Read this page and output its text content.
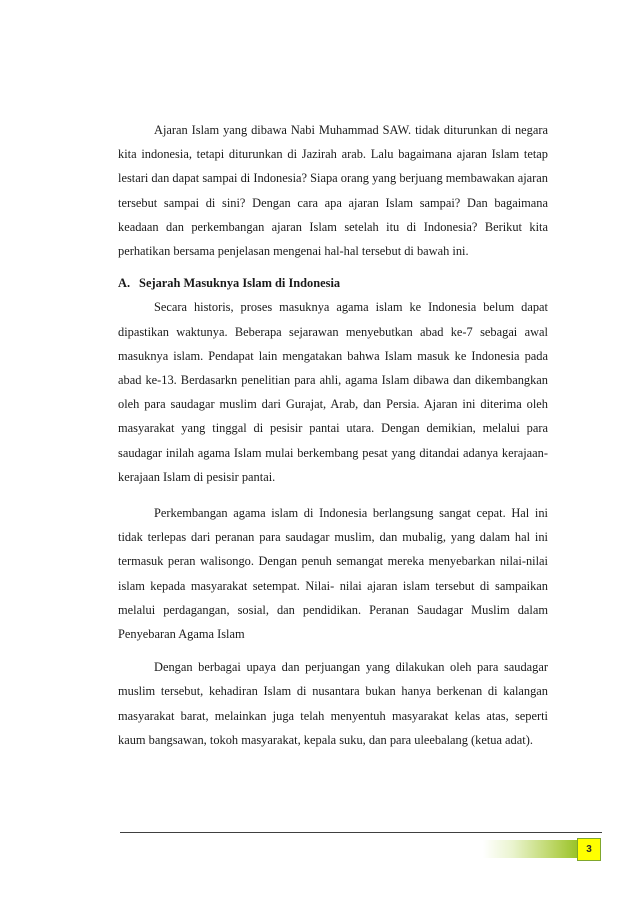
Ajaran Islam yang dibawa Nabi Muhammad SAW. tidak diturunkan di negara kita indonesia, tetapi diturunkan di Jazirah arab. Lalu bagaimana ajaran Islam tetap lestari dan dapat sampai di Indonesia? Siapa orang yang berjuang membawakan ajaran tersebut sampai di sini? Dengan cara apa ajaran Islam sampai? Dan bagaimana keadaan dan perkembangan ajaran Islam setelah itu di Indonesia? Berikut kita perhatikan bersama penjelasan mengenai hal-hal tersebut di bawah ini.

A. Sejarah Masuknya Islam di Indonesia

Secara historis, proses masuknya agama islam ke Indonesia belum dapat dipastikan waktunya. Beberapa sejarawan menyebutkan abad ke-7 sebagai awal masuknya islam. Pendapat lain mengatakan bahwa Islam masuk ke Indonesia pada abad ke-13. Berdasarkn penelitian para ahli, agama Islam dibawa dan dikembangkan oleh para saudagar muslim dari Gurajat, Arab, dan Persia. Ajaran ini diterima oleh masyarakat yang tinggal di pesisir pantai utara. Dengan demikian, melalui para saudagar inilah agama Islam mulai berkembang pesat yang ditandai adanya kerajaan-kerajaan Islam di pesisir pantai.

Perkembangan agama islam di Indonesia berlangsung sangat cepat. Hal ini tidak terlepas dari peranan para saudagar muslim, dan mubalig, yang dalam hal ini termasuk peran walisongo. Dengan penuh semangat mereka menyebarkan nilai-nilai islam kepada masyarakat setempat. Nilai- nilai ajaran islam tersebut di sampaikan melalui perdagangan, sosial, dan pendidikan. Peranan Saudagar Muslim dalam Penyebaran Agama Islam

Dengan berbagai upaya dan perjuangan yang dilakukan oleh para saudagar muslim tersebut, kehadiran Islam di nusantara bukan hanya berkenan di kalangan masyarakat barat, melainkan juga telah menyentuh masyarakat kelas atas, seperti kaum bangsawan, tokoh masyarakat, kepala suku, dan para uleebalang (ketua adat).

3
